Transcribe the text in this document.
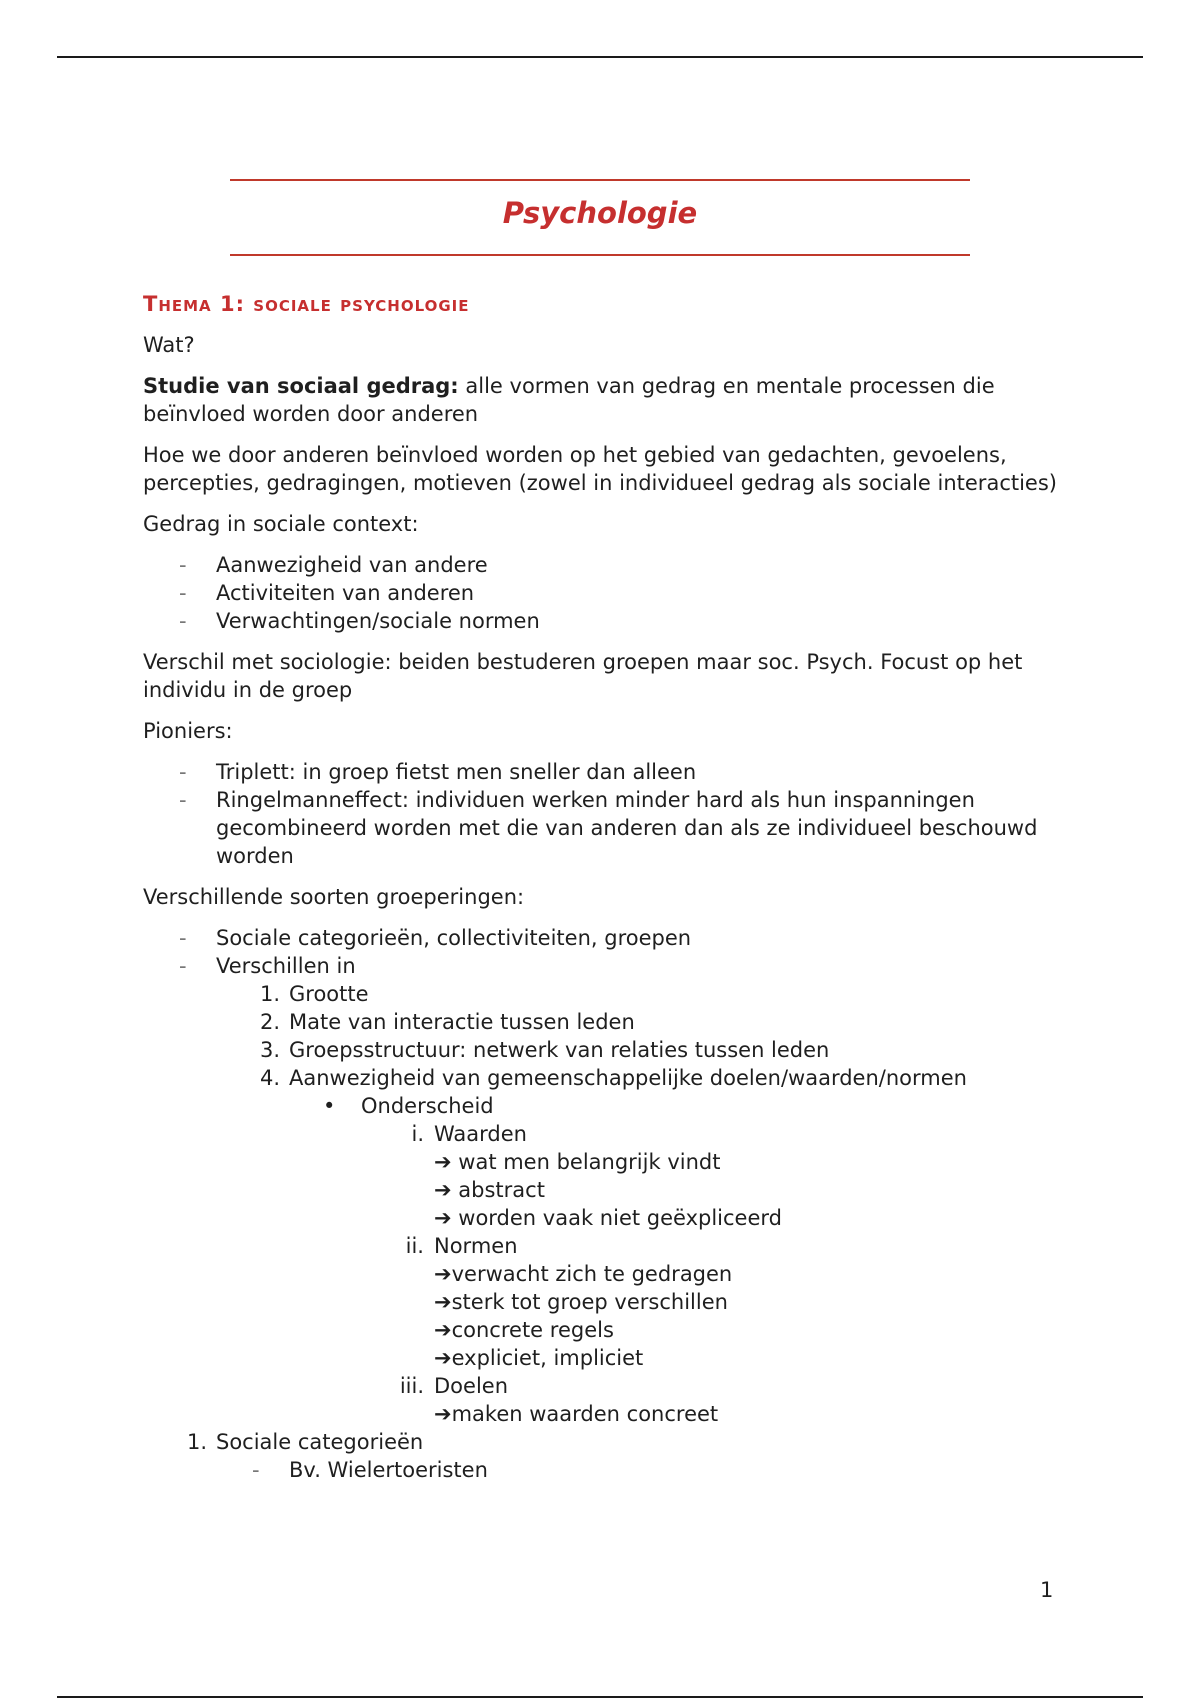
Psychologie
Thema 1: sociale psychologie
Wat?
Studie van sociaal gedrag: alle vormen van gedrag en mentale processen die beïnvloed worden door anderen
Hoe we door anderen beïnvloed worden op het gebied van gedachten, gevoelens, percepties, gedragingen, motieven (zowel in individueel gedrag als sociale interacties)
Gedrag in sociale context:
- Aanwezigheid van andere
- Activiteiten van anderen
- Verwachtingen/sociale normen
Verschil met sociologie: beiden bestuderen groepen maar soc. Psych. Focust op het individu in de groep
Pioniers:
- Triplett: in groep fietst men sneller dan alleen
- Ringelmanneffect: individuen werken minder hard als hun inspanningen gecombineerd worden met die van anderen dan als ze individueel beschouwd worden
Verschillende soorten groeperingen:
- Sociale categorieën, collectiviteiten, groepen
- Verschillen in
1. Grootte
2. Mate van interactie tussen leden
3. Groepsstructuur: netwerk van relaties tussen leden
4. Aanwezigheid van gemeenschappelijke doelen/waarden/normen
• Onderscheid
i. Waarden
➔ wat men belangrijk vindt
➔ abstract
➔ worden vaak niet geëxpliceerd
ii. Normen
➔verwacht zich te gedragen
➔sterk tot groep verschillen
➔concrete regels
➔expliciet, impliciet
iii. Doelen
➔maken waarden concreet
1. Sociale categorieën
- Bv. Wielertoeristen
1
